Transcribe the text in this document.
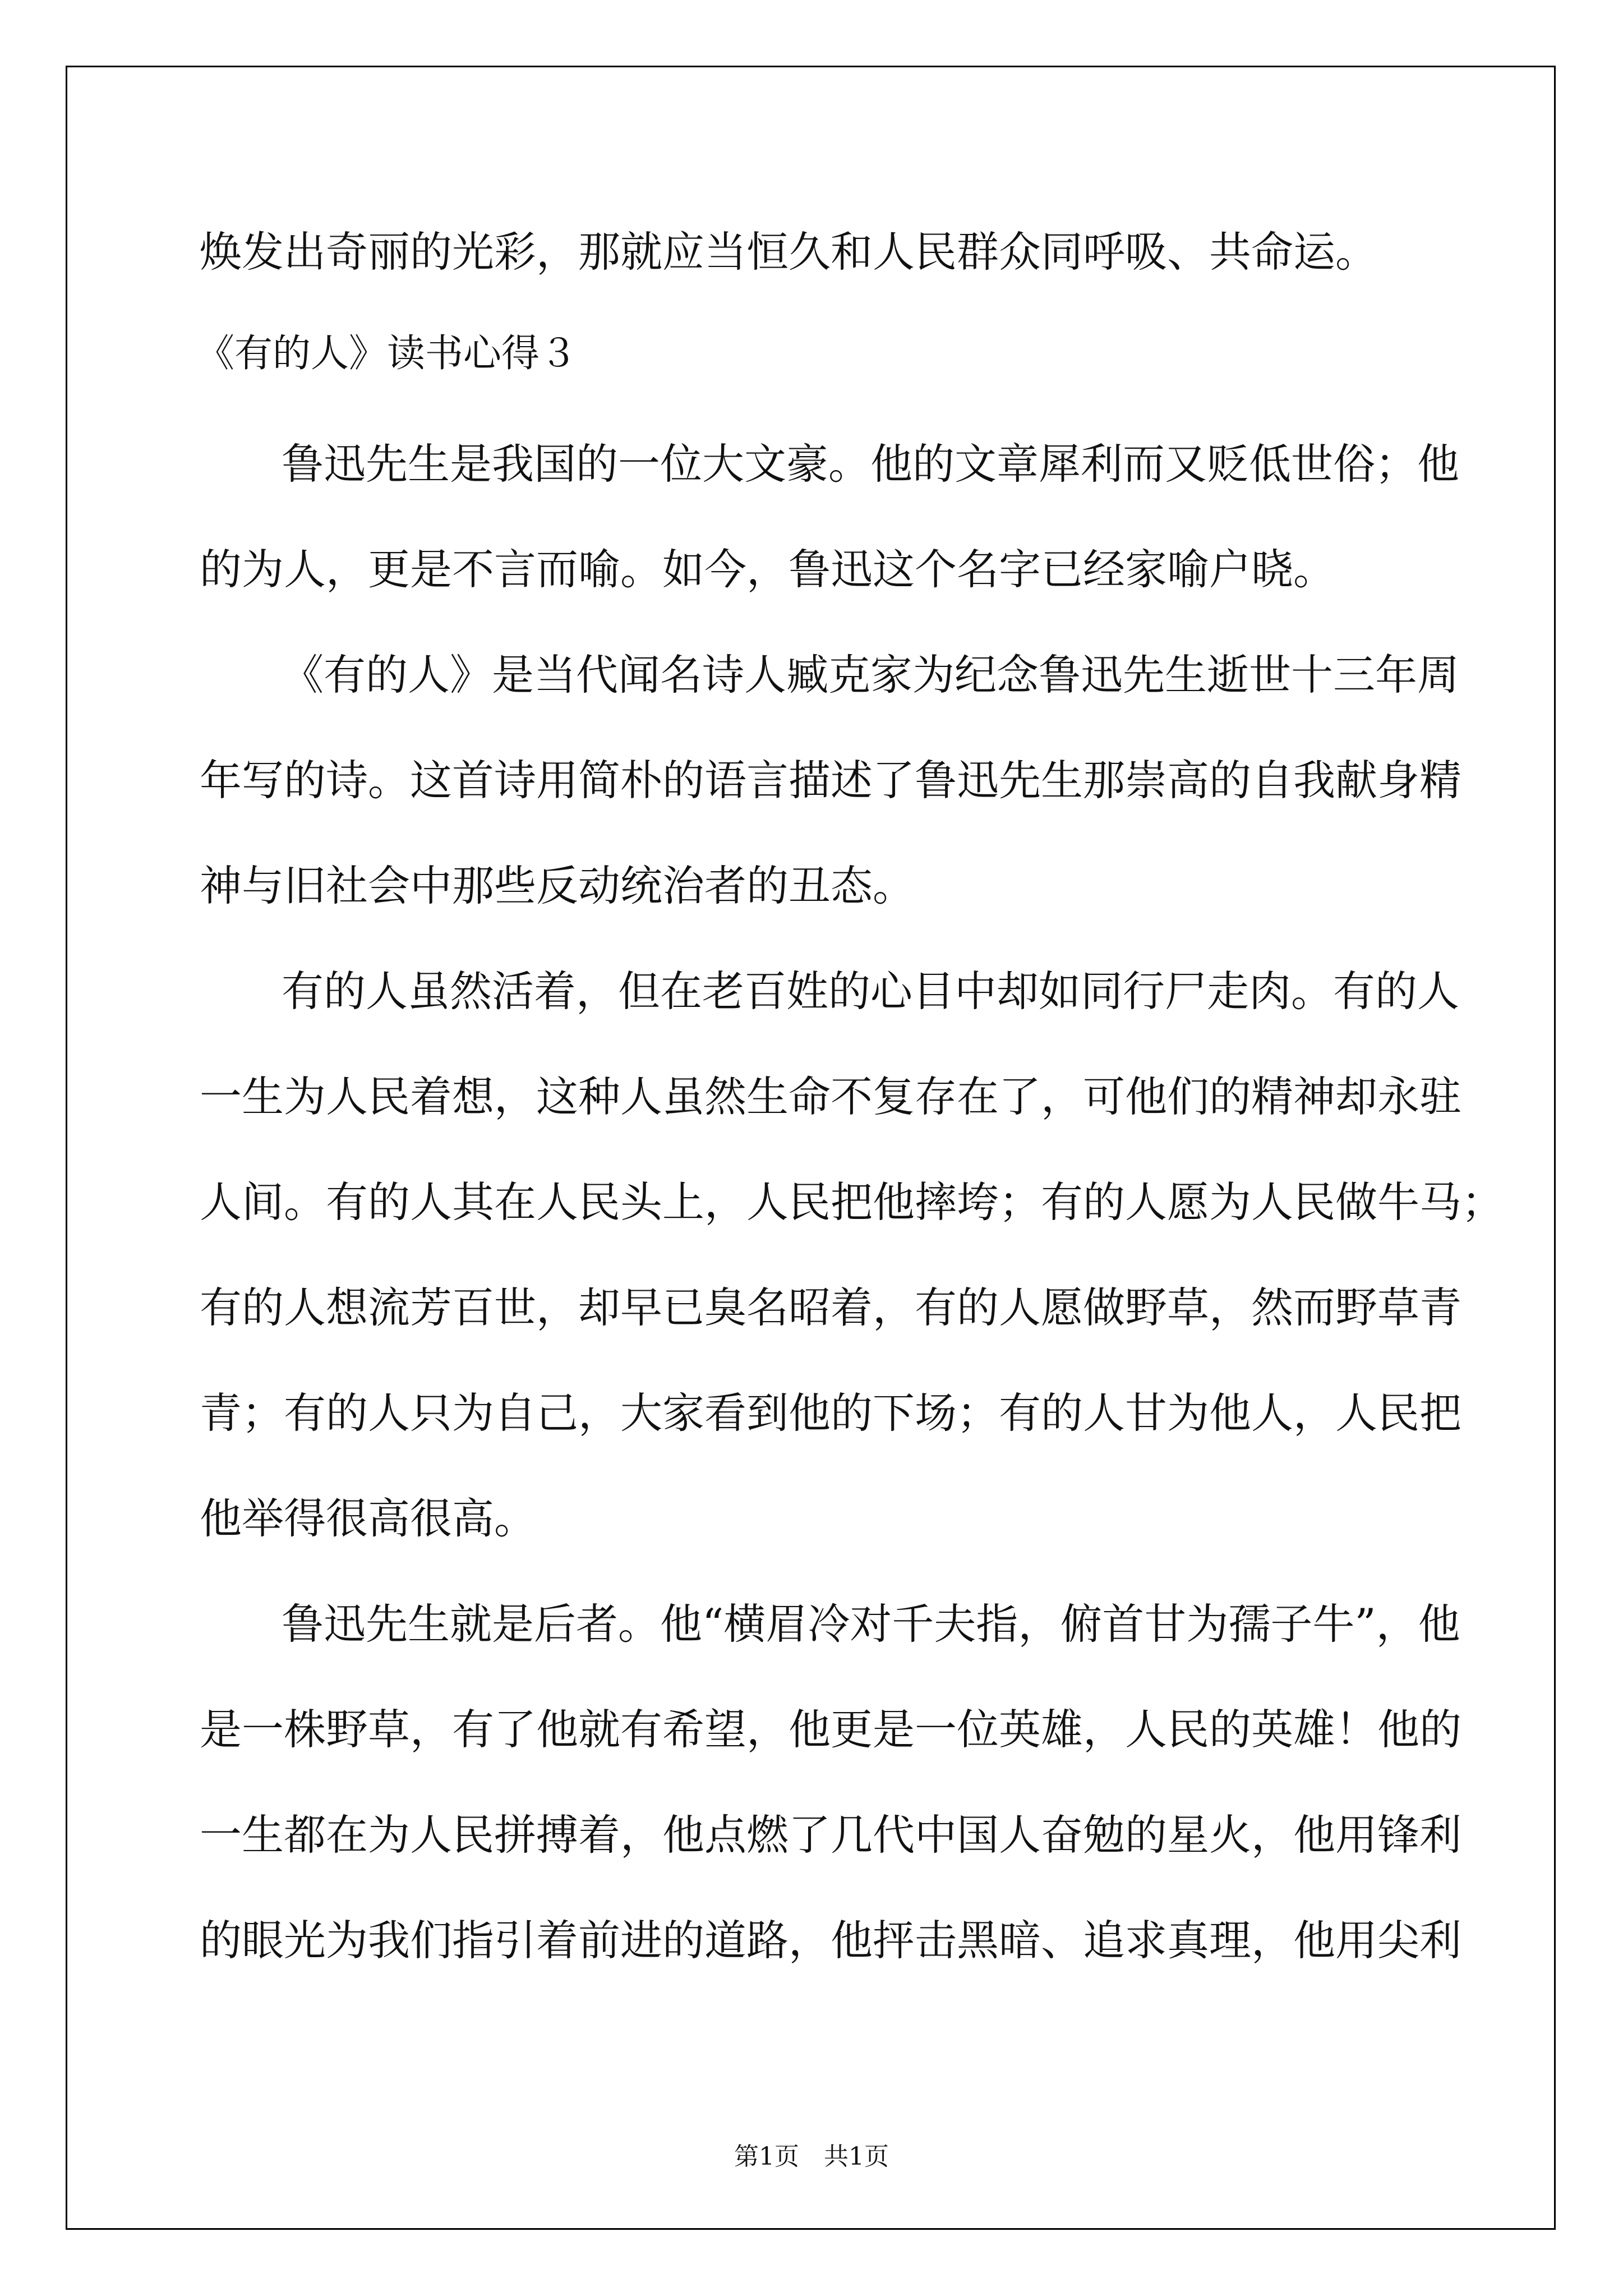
焕发出奇丽的光彩，那就应当恒久和人民群众同呼吸、共命运。
《有的人》读书心得３
鲁迅先生是我国的一位大文豪。他的文章犀利而又贬低世俗；他
的为人，更是不言而喻。如今，鲁迅这个名字已经家喻户晓。
《有的人》是当代闻名诗人臧克家为纪念鲁迅先生逝世十三年周
年写的诗。这首诗用简朴的语言描述了鲁迅先生那崇高的自我献身精
神与旧社会中那些反动统治者的丑态。
有的人虽然活着，但在老百姓的心目中却如同行尸走肉。有的人
一生为人民着想，这种人虽然生命不复存在了，可他们的精神却永驻
人间。有的人其在人民头上，人民把他摔垮；有的人愿为人民做牛马；
有的人想流芳百世，却早已臭名昭着，有的人愿做野草，然而野草青
青；有的人只为自己，大家看到他的下场；有的人甘为他人，人民把
他举得很高很高。
鲁迅先生就是后者。他“横眉冷对千夫指，俯首甘为孺子牛”，他
是一株野草，有了他就有希望，他更是一位英雄，人民的英雄！他的
一生都在为人民拼搏着，他点燃了几代中国人奋勉的星火，他用锋利
的眼光为我们指引着前进的道路，他抨击黑暗、追求真理，他用尖利
第1页　共1页
